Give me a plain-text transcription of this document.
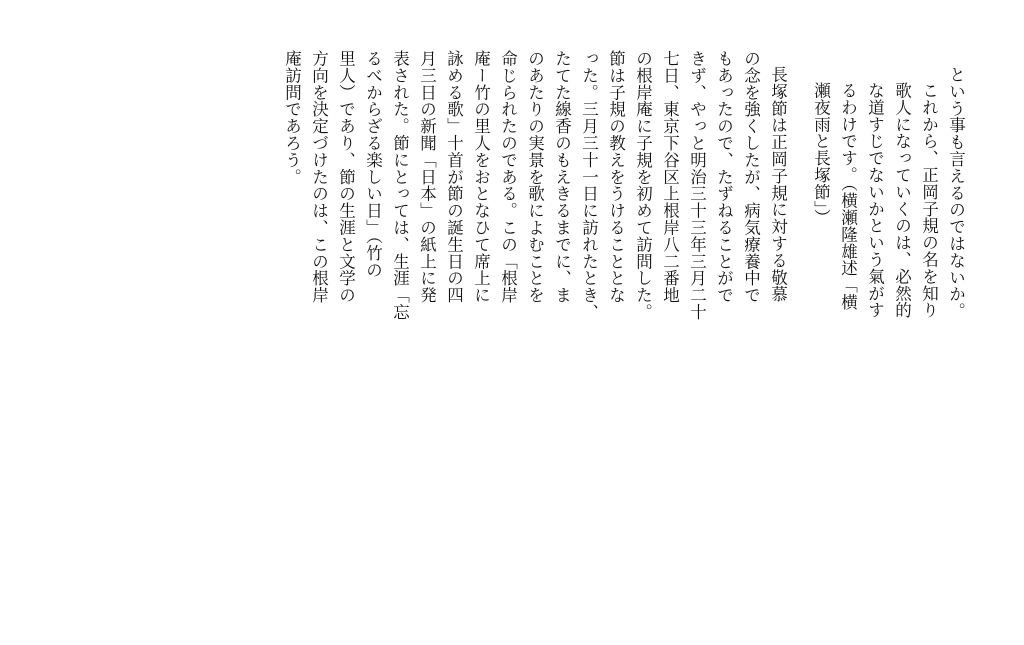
という事も言えるのではないか。

これから、正岡子規の名を知り

歌人になっていくのは、必然的

な道すじでないかという氣がす

るわけです。（横瀬隆雄述「横

瀬夜雨と長塚節」）

長塚節は正岡子規に対する敬慕

の念を強くしたが、病気療養中で

もあったので、たずねることがで

きず、やっと明治三十三年三月二十

七日、東京下谷区上根岸八二番地

の根岸庵に子規を初めて訪問した。

節は子規の教えをうけることとな

った。三月三十一日に訪れたとき、

たてた線香のもえきるまでに、ま

のあたりの実景を歌によむことを

命じられたのである。この「根岸

庵ー竹の里人をおとなひて席上に

詠める歌」十首が節の誕生日の四

月三日の新聞「日本」の紙上に発

表された。節にとっては、生涯「忘

るべからざる楽しい日」（竹の

里人）であり、節の生涯と文学の

方向を決定づけたのは、この根岸

庵訪問であろう。
